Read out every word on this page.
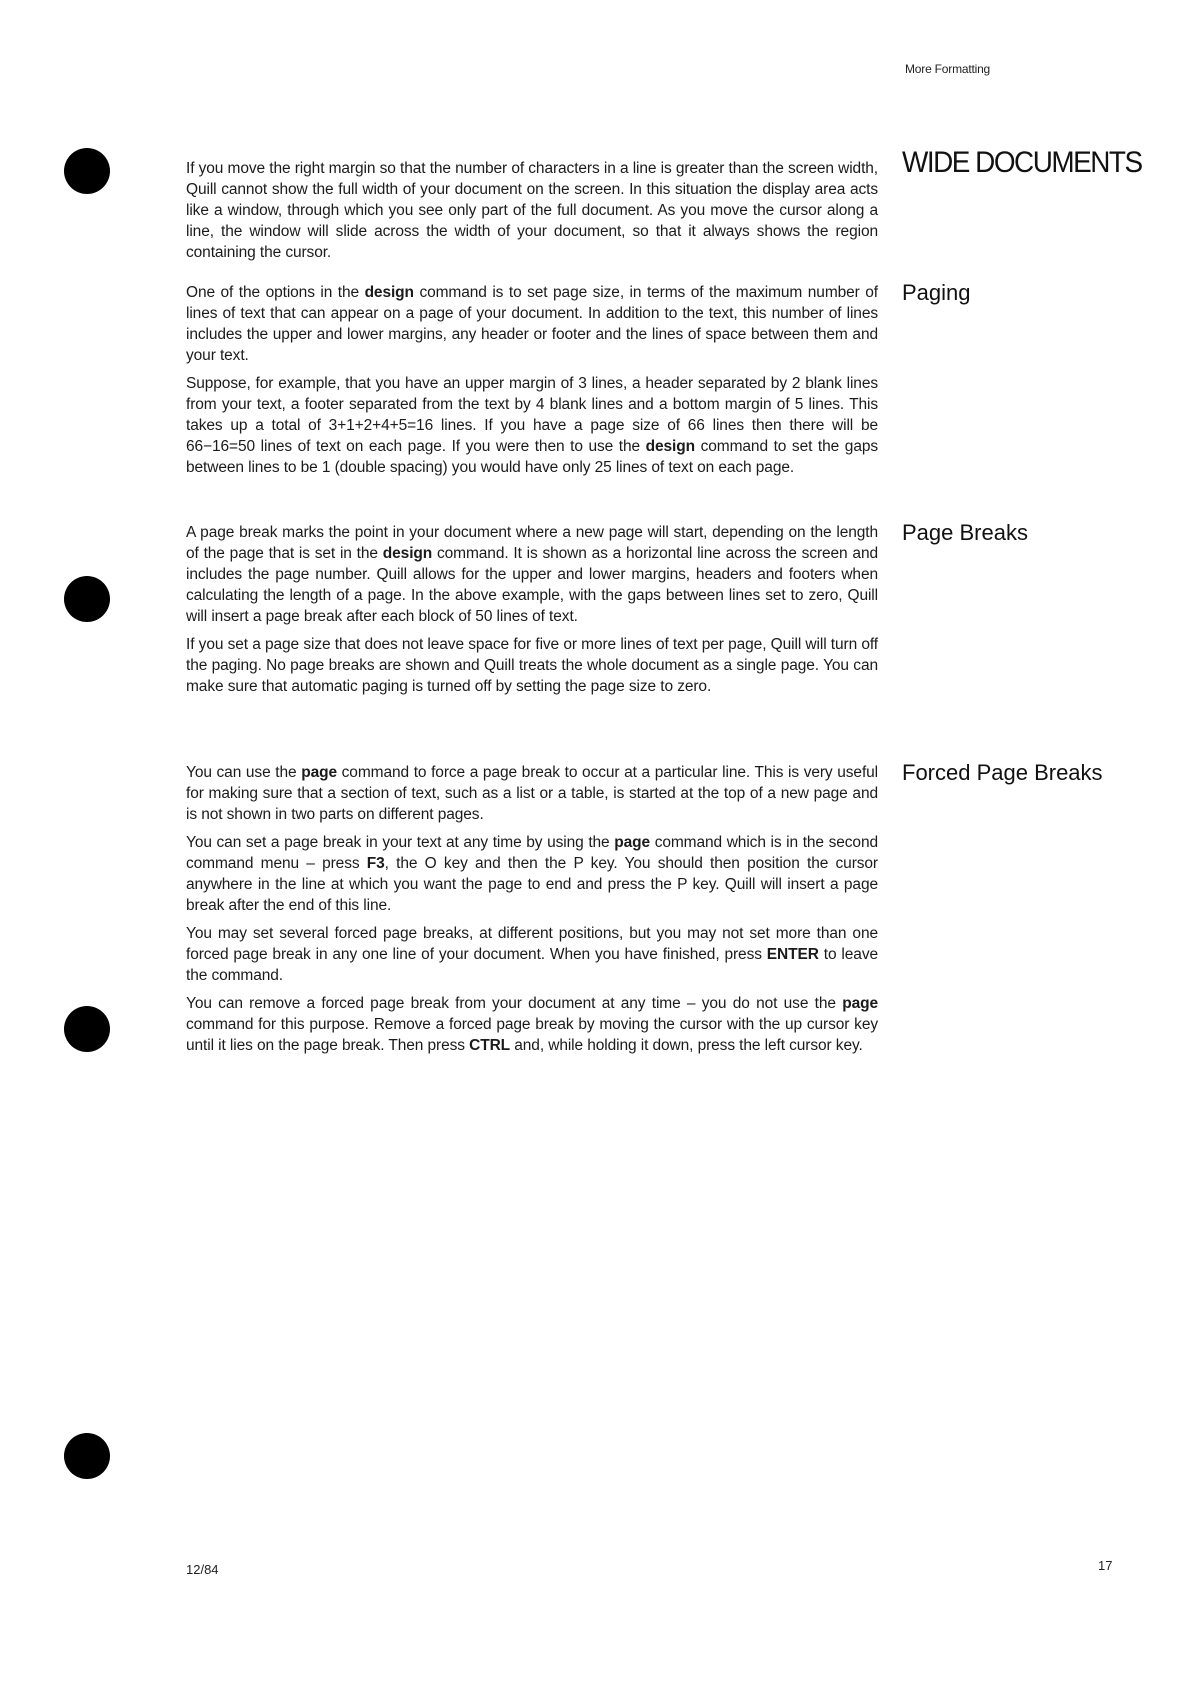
More Formatting
WIDE DOCUMENTS
Paging
Page Breaks
Forced Page Breaks

If you move the right margin so that the number of characters in a line is greater than the screen width, Quill cannot show the full width of your document on the screen. In this situation the display area acts like a window, through which you see only part of the full document. As you move the cursor along a line, the window will slide across the width of your document, so that it always shows the region containing the cursor.

One of the options in the design command is to set page size, in terms of the maximum number of lines of text that can appear on a page of your document. In addition to the text, this number of lines includes the upper and lower margins, any header or footer and the lines of space between them and your text.

Suppose, for example, that you have an upper margin of 3 lines, a header separated by 2 blank lines from your text, a footer separated from the text by 4 blank lines and a bottom margin of 5 lines. This takes up a total of 3+1+2+4+5=16 lines. If you have a page size of 66 lines then there will be 66−16=50 lines of text on each page. If you were then to use the design command to set the gaps between lines to be 1 (double spacing) you would have only 25 lines of text on each page.

A page break marks the point in your document where a new page will start, depending on the length of the page that is set in the design command. It is shown as a horizontal line across the screen and includes the page number. Quill allows for the upper and lower margins, headers and footers when calculating the length of a page. In the above example, with the gaps between lines set to zero, Quill will insert a page break after each block of 50 lines of text.

If you set a page size that does not leave space for five or more lines of text per page, Quill will turn off the paging. No page breaks are shown and Quill treats the whole document as a single page. You can make sure that automatic paging is turned off by setting the page size to zero.

You can use the page command to force a page break to occur at a particular line. This is very useful for making sure that a section of text, such as a list or a table, is started at the top of a new page and is not shown in two parts on different pages.

You can set a page break in your text at any time by using the page command which is in the second command menu – press F3, the O key and then the P key. You should then position the cursor anywhere in the line at which you want the page to end and press the P key. Quill will insert a page break after the end of this line.

You may set several forced page breaks, at different positions, but you may not set more than one forced page break in any one line of your document. When you have finished, press ENTER to leave the command.

You can remove a forced page break from your document at any time – you do not use the page command for this purpose. Remove a forced page break by moving the cursor with the up cursor key until it lies on the page break. Then press CTRL and, while holding it down, press the left cursor key.

12/84	17
